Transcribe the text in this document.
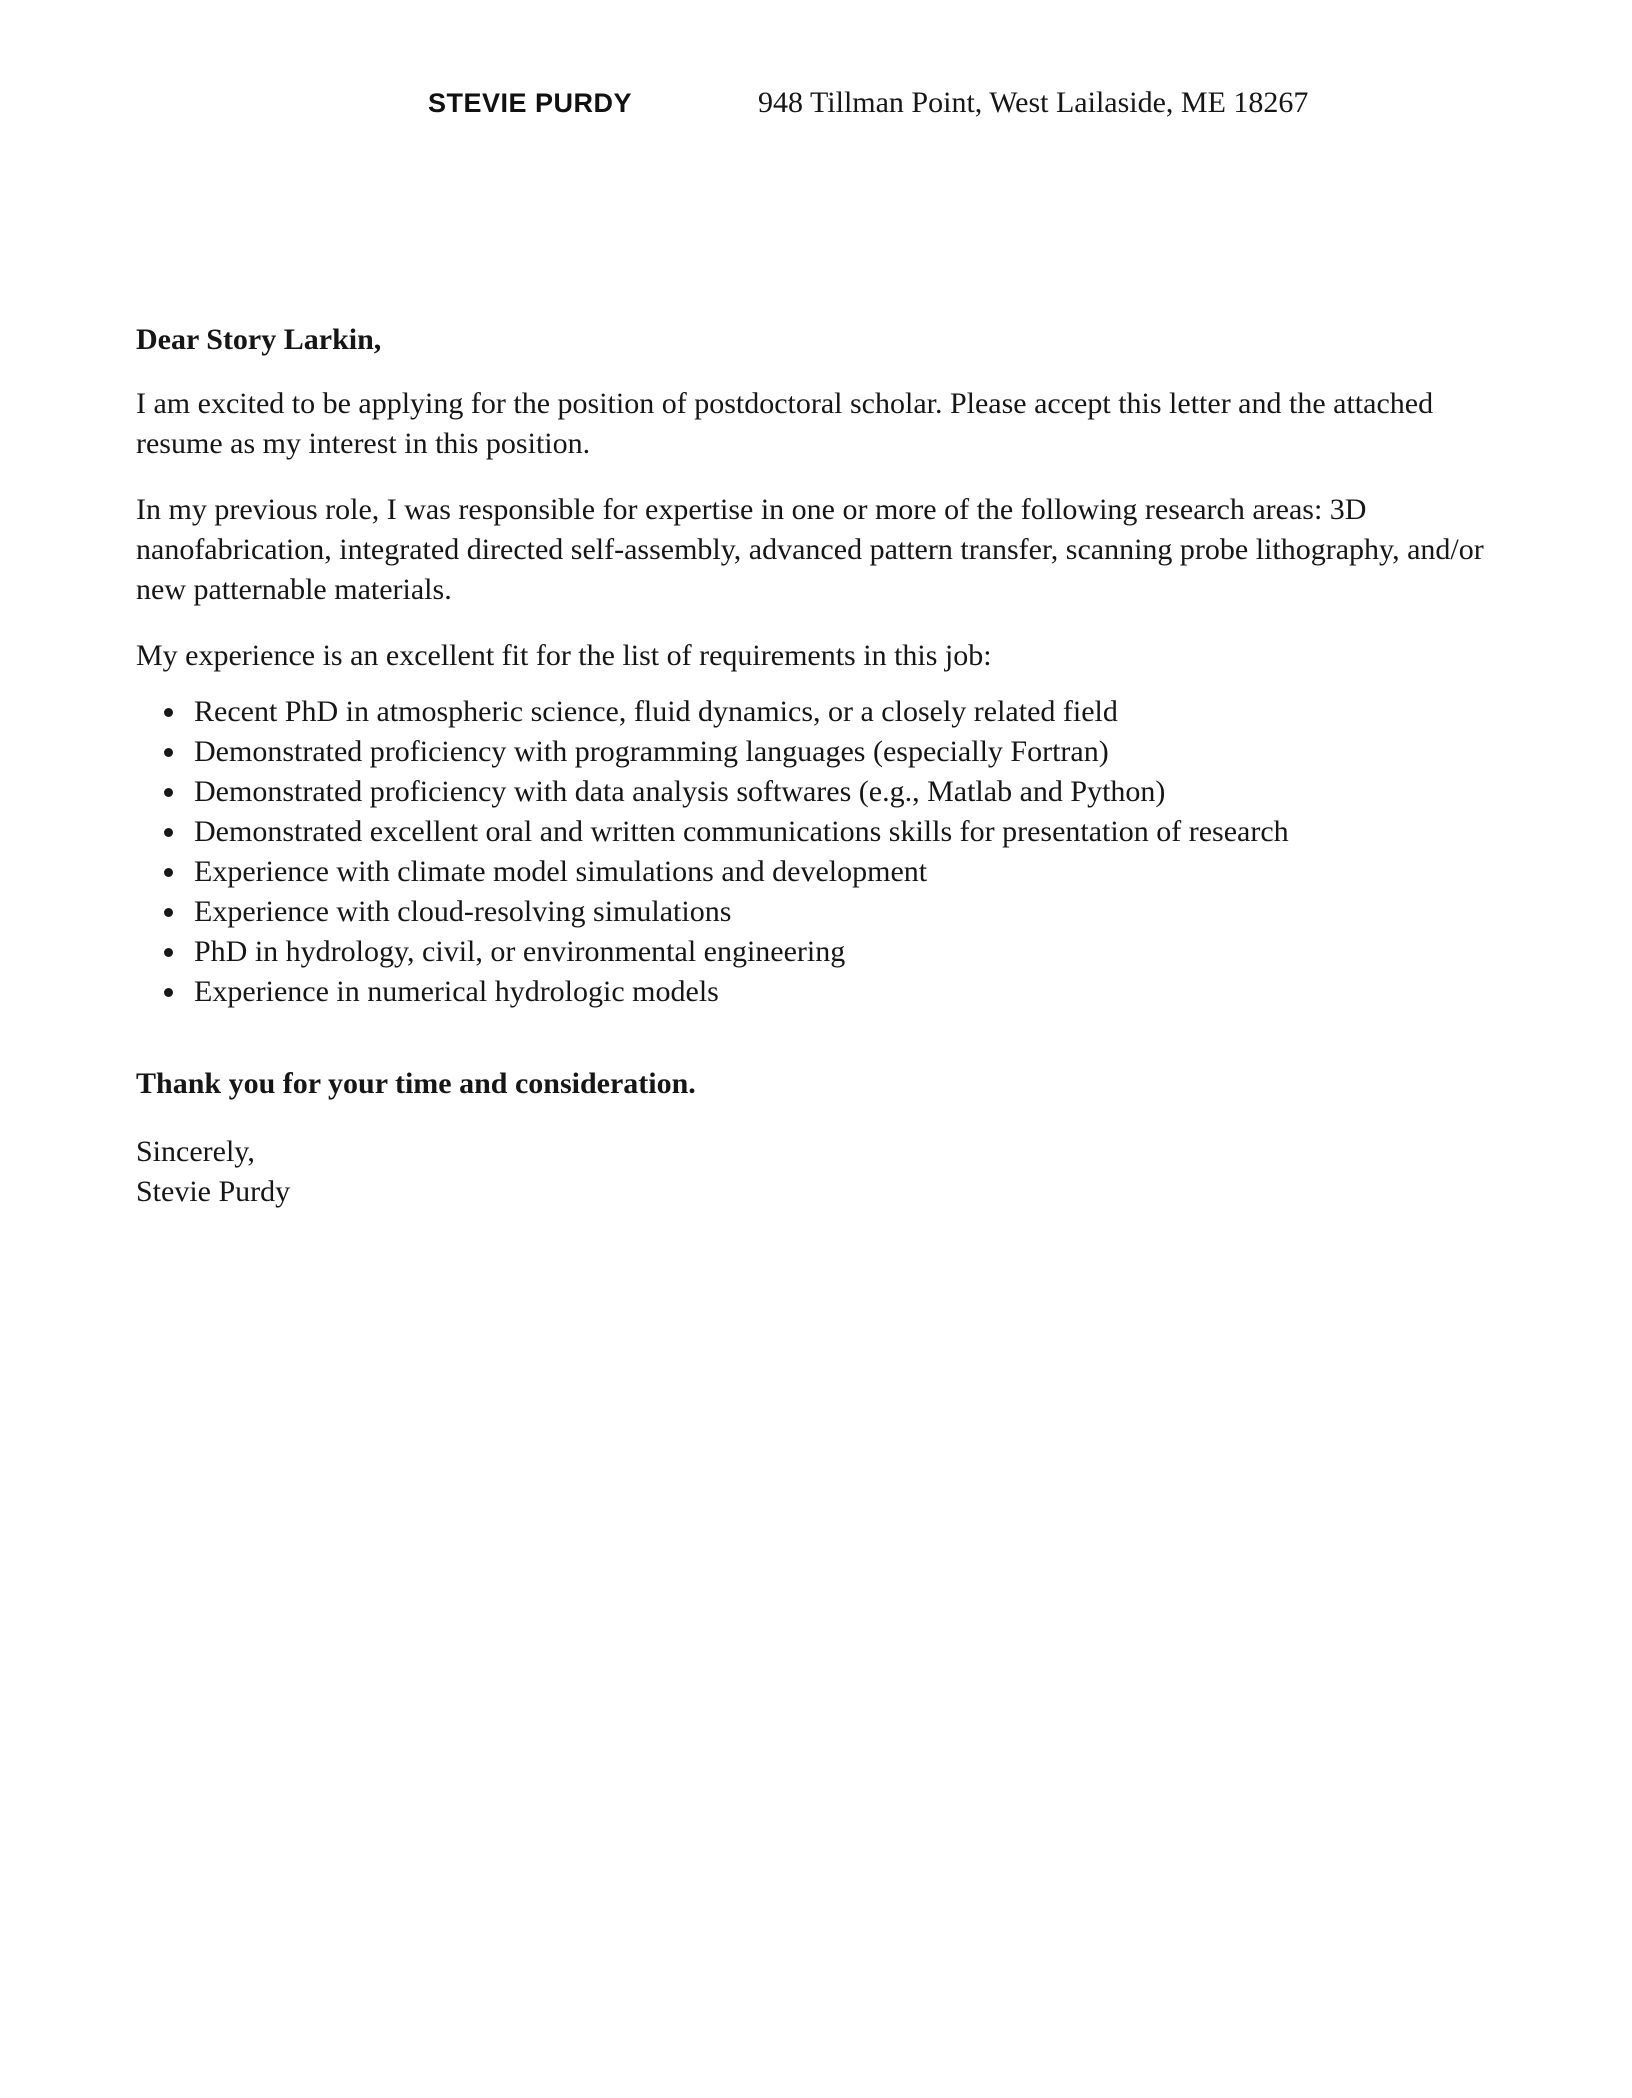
STEVIE PURDY	948 Tillman Point, West Lailaside, ME 18267

Dear Story Larkin,

I am excited to be applying for the position of postdoctoral scholar. Please accept this letter and the attached resume as my interest in this position.

In my previous role, I was responsible for expertise in one or more of the following research areas: 3D nanofabrication, integrated directed self-assembly, advanced pattern transfer, scanning probe lithography, and/or new patternable materials.

My experience is an excellent fit for the list of requirements in this job:

• Recent PhD in atmospheric science, fluid dynamics, or a closely related field
• Demonstrated proficiency with programming languages (especially Fortran)
• Demonstrated proficiency with data analysis softwares (e.g., Matlab and Python)
• Demonstrated excellent oral and written communications skills for presentation of research
• Experience with climate model simulations and development
• Experience with cloud-resolving simulations
• PhD in hydrology, civil, or environmental engineering
• Experience in numerical hydrologic models

Thank you for your time and consideration.

Sincerely,
Stevie Purdy
